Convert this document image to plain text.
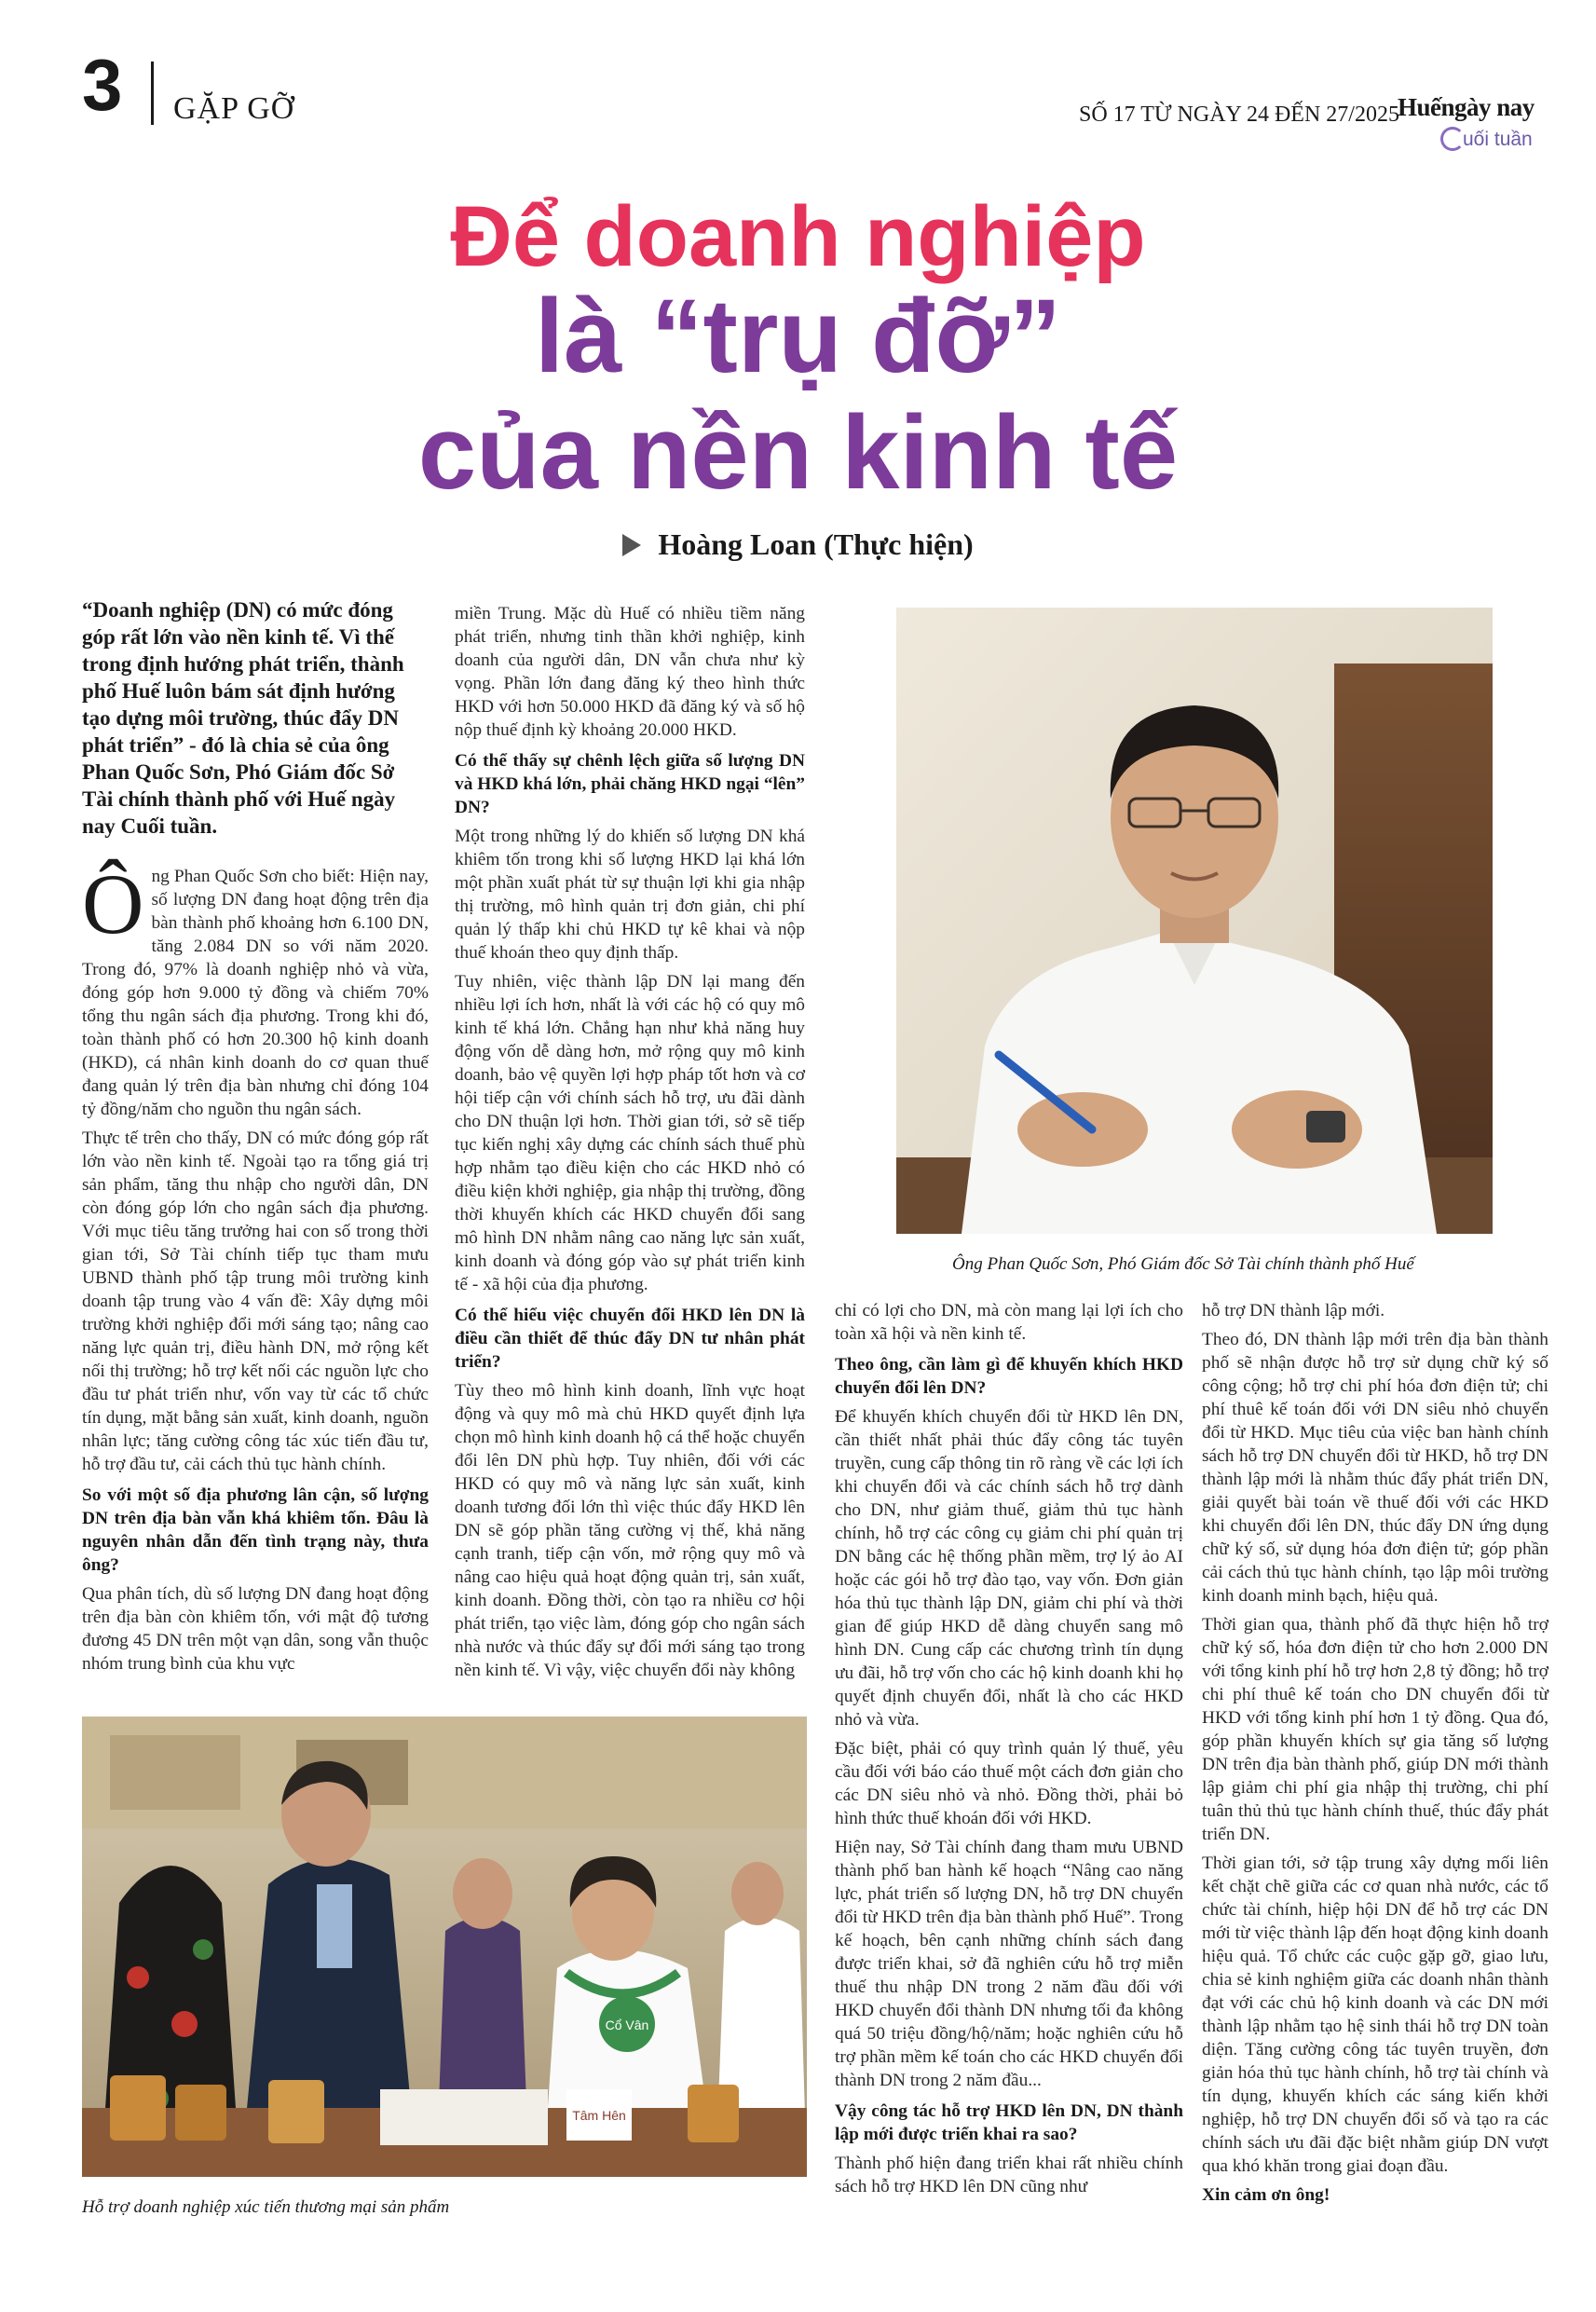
3 GẶP GỠ	SỐ 17 TỪ NGÀY 24 ĐẾN 27/2025
Huếngày nay
uối tuần
Để doanh nghiệp
là “trụ đỡ”
của nền kinh tế
Hoàng Loan (Thực hiện)
“Doanh nghiệp (DN) có mức đóng góp rất lớn vào nền kinh tế. Vì thế trong định hướng phát triển, thành phố Huế luôn bám sát định hướng tạo dựng môi trường, thúc đẩy DN phát triển” - đó là chia sẻ của ông Phan Quốc Sơn, Phó Giám đốc Sở Tài chính thành phố với Huế ngày nay Cuối tuần.

Ông Phan Quốc Sơn cho biết: Hiện nay, số lượng DN đang hoạt động trên địa bàn thành phố khoảng hơn 6.100 DN, tăng 2.084 DN so với năm 2020. Trong đó, 97% là doanh nghiệp nhỏ và vừa, đóng góp hơn 9.000 tỷ đồng và chiếm 70% tổng thu ngân sách địa phương. Trong khi đó, toàn thành phố có hơn 20.300 hộ kinh doanh (HKD), cá nhân kinh doanh do cơ quan thuế đang quản lý trên địa bàn nhưng chỉ đóng 104 tỷ đồng/năm cho nguồn thu ngân sách.

Thực tế trên cho thấy, DN có mức đóng góp rất lớn vào nền kinh tế. Ngoài tạo ra tổng giá trị sản phẩm, tăng thu nhập cho người dân, DN còn đóng góp lớn cho ngân sách địa phương. Với mục tiêu tăng trưởng hai con số trong thời gian tới, Sở Tài chính tiếp tục tham mưu UBND thành phố tập trung môi trường kinh doanh tập trung vào 4 vấn đề: Xây dựng môi trường khởi nghiệp đổi mới sáng tạo; nâng cao năng lực quản trị, điều hành DN, mở rộng kết nối thị trường; hỗ trợ kết nối các nguồn lực cho đầu tư phát triển như, vốn vay từ các tổ chức tín dụng, mặt bằng sản xuất, kinh doanh, nguồn nhân lực; tăng cường công tác xúc tiến đầu tư, hỗ trợ đầu tư, cải cách thủ tục hành chính.

So với một số địa phương lân cận, số lượng DN trên địa bàn vẫn khá khiêm tốn. Đâu là nguyên nhân dẫn đến tình trạng này, thưa ông?

Qua phân tích, dù số lượng DN đang hoạt động trên địa bàn còn khiêm tốn, với mật độ tương đương 45 DN trên một vạn dân, song vẫn thuộc nhóm trung bình của khu vực

miền Trung. Mặc dù Huế có nhiều tiềm năng phát triển, nhưng tinh thần khởi nghiệp, kinh doanh của người dân, DN vẫn chưa như kỳ vọng. Phần lớn đang đăng ký theo hình thức HKD với hơn 50.000 HKD đã đăng ký và số hộ nộp thuế định kỳ khoảng 20.000 HKD.

Có thể thấy sự chênh lệch giữa số lượng DN và HKD khá lớn, phải chăng HKD ngại “lên” DN?

Một trong những lý do khiến số lượng DN khá khiêm tốn trong khi số lượng HKD lại khá lớn một phần xuất phát từ sự thuận lợi khi gia nhập thị trường, mô hình quản trị đơn giản, chi phí quản lý thấp khi chủ HKD tự kê khai và nộp thuế khoán theo quy định thấp.

Tuy nhiên, việc thành lập DN lại mang đến nhiều lợi ích hơn, nhất là với các hộ có quy mô kinh tế khá lớn. Chẳng hạn như khả năng huy động vốn dễ dàng hơn, mở rộng quy mô kinh doanh, bảo vệ quyền lợi hợp pháp tốt hơn và cơ hội tiếp cận với chính sách hỗ trợ, ưu đãi dành cho DN thuận lợi hơn. Thời gian tới, sở sẽ tiếp tục kiến nghị xây dựng các chính sách thuế phù hợp nhằm tạo điều kiện cho các HKD nhỏ có điều kiện khởi nghiệp, gia nhập thị trường, đồng thời khuyến khích các HKD chuyển đổi sang mô hình DN nhằm nâng cao năng lực sản xuất, kinh doanh và đóng góp vào sự phát triển kinh tế - xã hội của địa phương.

Có thể hiểu việc chuyển đổi HKD lên DN là điều cần thiết để thúc đẩy DN tư nhân phát triển?

Tùy theo mô hình kinh doanh, lĩnh vực hoạt động và quy mô mà chủ HKD quyết định lựa chọn mô hình kinh doanh hộ cá thể hoặc chuyển đổi lên DN phù hợp. Tuy nhiên, đối với các HKD có quy mô và năng lực sản xuất, kinh doanh tương đối lớn thì việc thúc đẩy HKD lên DN sẽ góp phần tăng cường vị thế, khả năng cạnh tranh, tiếp cận vốn, mở rộng quy mô và nâng cao hiệu quả hoạt động quản trị, sản xuất, kinh doanh. Đồng thời, còn tạo ra nhiều cơ hội phát triển, tạo việc làm, đóng góp cho ngân sách nhà nước và thúc đẩy sự đổi mới sáng tạo trong nền kinh tế. Vì vậy, việc chuyển đổi này không

Ông Phan Quốc Sơn, Phó Giám đốc Sở Tài chính thành phố Huế
Cổ Vân
Tâm Hên
Hỗ trợ doanh nghiệp xúc tiến thương mại sản phẩm

chỉ có lợi cho DN, mà còn mang lại lợi ích cho toàn xã hội và nền kinh tế.

Theo ông, cần làm gì để khuyến khích HKD chuyển đổi lên DN?

Để khuyến khích chuyển đổi từ HKD lên DN, cần thiết nhất phải thúc đẩy công tác tuyên truyền, cung cấp thông tin rõ ràng về các lợi ích khi chuyển đổi và các chính sách hỗ trợ dành cho DN, như giảm thuế, giảm thủ tục hành chính, hỗ trợ các công cụ giảm chi phí quản trị DN bằng các hệ thống phần mềm, trợ lý ảo AI hoặc các gói hỗ trợ đào tạo, vay vốn. Đơn giản hóa thủ tục thành lập DN, giảm chi phí và thời gian để giúp HKD dễ dàng chuyển sang mô hình DN. Cung cấp các chương trình tín dụng ưu đãi, hỗ trợ vốn cho các hộ kinh doanh khi họ quyết định chuyển đổi, nhất là cho các HKD nhỏ và vừa.

Đặc biệt, phải có quy trình quản lý thuế, yêu cầu đối với báo cáo thuế một cách đơn giản cho các DN siêu nhỏ và nhỏ. Đồng thời, phải bỏ hình thức thuế khoán đối với HKD.

Hiện nay, Sở Tài chính đang tham mưu UBND thành phố ban hành kế hoạch “Nâng cao năng lực, phát triển số lượng DN, hỗ trợ DN chuyển đổi từ HKD trên địa bàn thành phố Huế”. Trong kế hoạch, bên cạnh những chính sách đang được triển khai, sở đã nghiên cứu hỗ trợ miễn thuế thu nhập DN trong 2 năm đầu đối với HKD chuyển đổi thành DN nhưng tối đa không quá 50 triệu đồng/hộ/năm; hoặc nghiên cứu hỗ trợ phần mềm kế toán cho các HKD chuyển đổi thành DN trong 2 năm đầu...

Vậy công tác hỗ trợ HKD lên DN, DN thành lập mới được triển khai ra sao?

Thành phố hiện đang triển khai rất nhiều chính sách hỗ trợ HKD lên DN cũng như

hỗ trợ DN thành lập mới.

Theo đó, DN thành lập mới trên địa bàn thành phố sẽ nhận được hỗ trợ sử dụng chữ ký số công cộng; hỗ trợ chi phí hóa đơn điện tử; chi phí thuê kế toán đối với DN siêu nhỏ chuyển đổi từ HKD. Mục tiêu của việc ban hành chính sách hỗ trợ DN chuyển đổi từ HKD, hỗ trợ DN thành lập mới là nhằm thúc đẩy phát triển DN, giải quyết bài toán về thuế đối với các HKD khi chuyển đổi lên DN, thúc đẩy DN ứng dụng chữ ký số, sử dụng hóa đơn điện tử; góp phần cải cách thủ tục hành chính, tạo lập môi trường kinh doanh minh bạch, hiệu quả.

Thời gian qua, thành phố đã thực hiện hỗ trợ chữ ký số, hóa đơn điện tử cho hơn 2.000 DN với tổng kinh phí hỗ trợ hơn 2,8 tỷ đồng; hỗ trợ chi phí thuê kế toán cho DN chuyển đổi từ HKD với tổng kinh phí hơn 1 tỷ đồng. Qua đó, góp phần khuyến khích sự gia tăng số lượng DN trên địa bàn thành phố, giúp DN mới thành lập giảm chi phí gia nhập thị trường, chi phí tuân thủ thủ tục hành chính thuế, thúc đẩy phát triển DN.

Thời gian tới, sở tập trung xây dựng mối liên kết chặt chẽ giữa các cơ quan nhà nước, các tổ chức tài chính, hiệp hội DN để hỗ trợ các DN mới từ việc thành lập đến hoạt động kinh doanh hiệu quả. Tổ chức các cuộc gặp gỡ, giao lưu, chia sẻ kinh nghiệm giữa các doanh nhân thành đạt với các chủ hộ kinh doanh và các DN mới thành lập nhằm tạo hệ sinh thái hỗ trợ DN toàn diện. Tăng cường công tác tuyên truyền, đơn giản hóa thủ tục hành chính, hỗ trợ tài chính và tín dụng, khuyến khích các sáng kiến khởi nghiệp, hỗ trợ DN chuyển đổi số và tạo ra các chính sách ưu đãi đặc biệt nhằm giúp DN vượt qua khó khăn trong giai đoạn đầu.

Xin cảm ơn ông!
